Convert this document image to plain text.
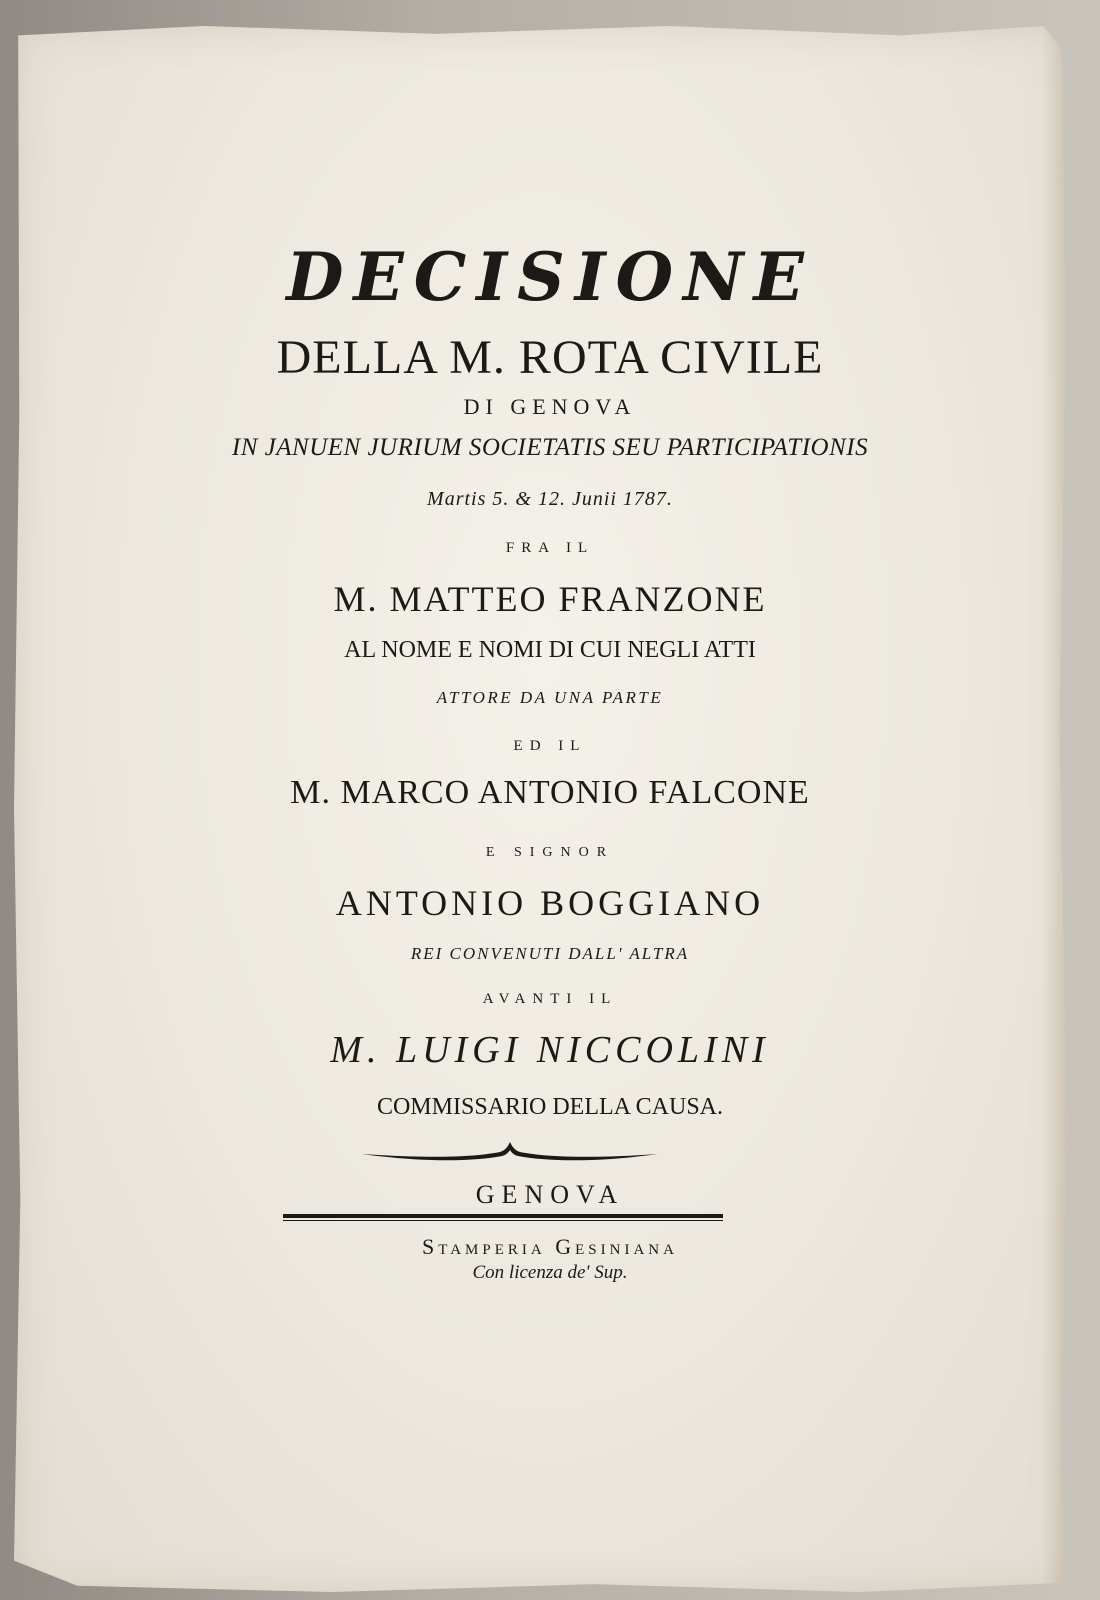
DECISIONE
DELLA M. ROTA CIVILE
DI GENOVA
IN JANUEN JURIUM SOCIETATIS SEU PARTICIPATIONIS
Martis 5. & 12. Junii 1787.
FRA IL
M. MATTEO FRANZONE
AL NOME E NOMI DI CUI NEGLI ATTI
ATTORE DA UNA PARTE
ED IL
M. MARCO ANTONIO FALCONE
E SIGNOR
ANTONIO BOGGIANO
REI CONVENUTI DALL' ALTRA
AVANTI IL
M. LUIGI NICCOLINI
COMMISSARIO DELLA CAUSA.
GENOVA
Stamperia Gesiniana
Con licenza de' Sup.
